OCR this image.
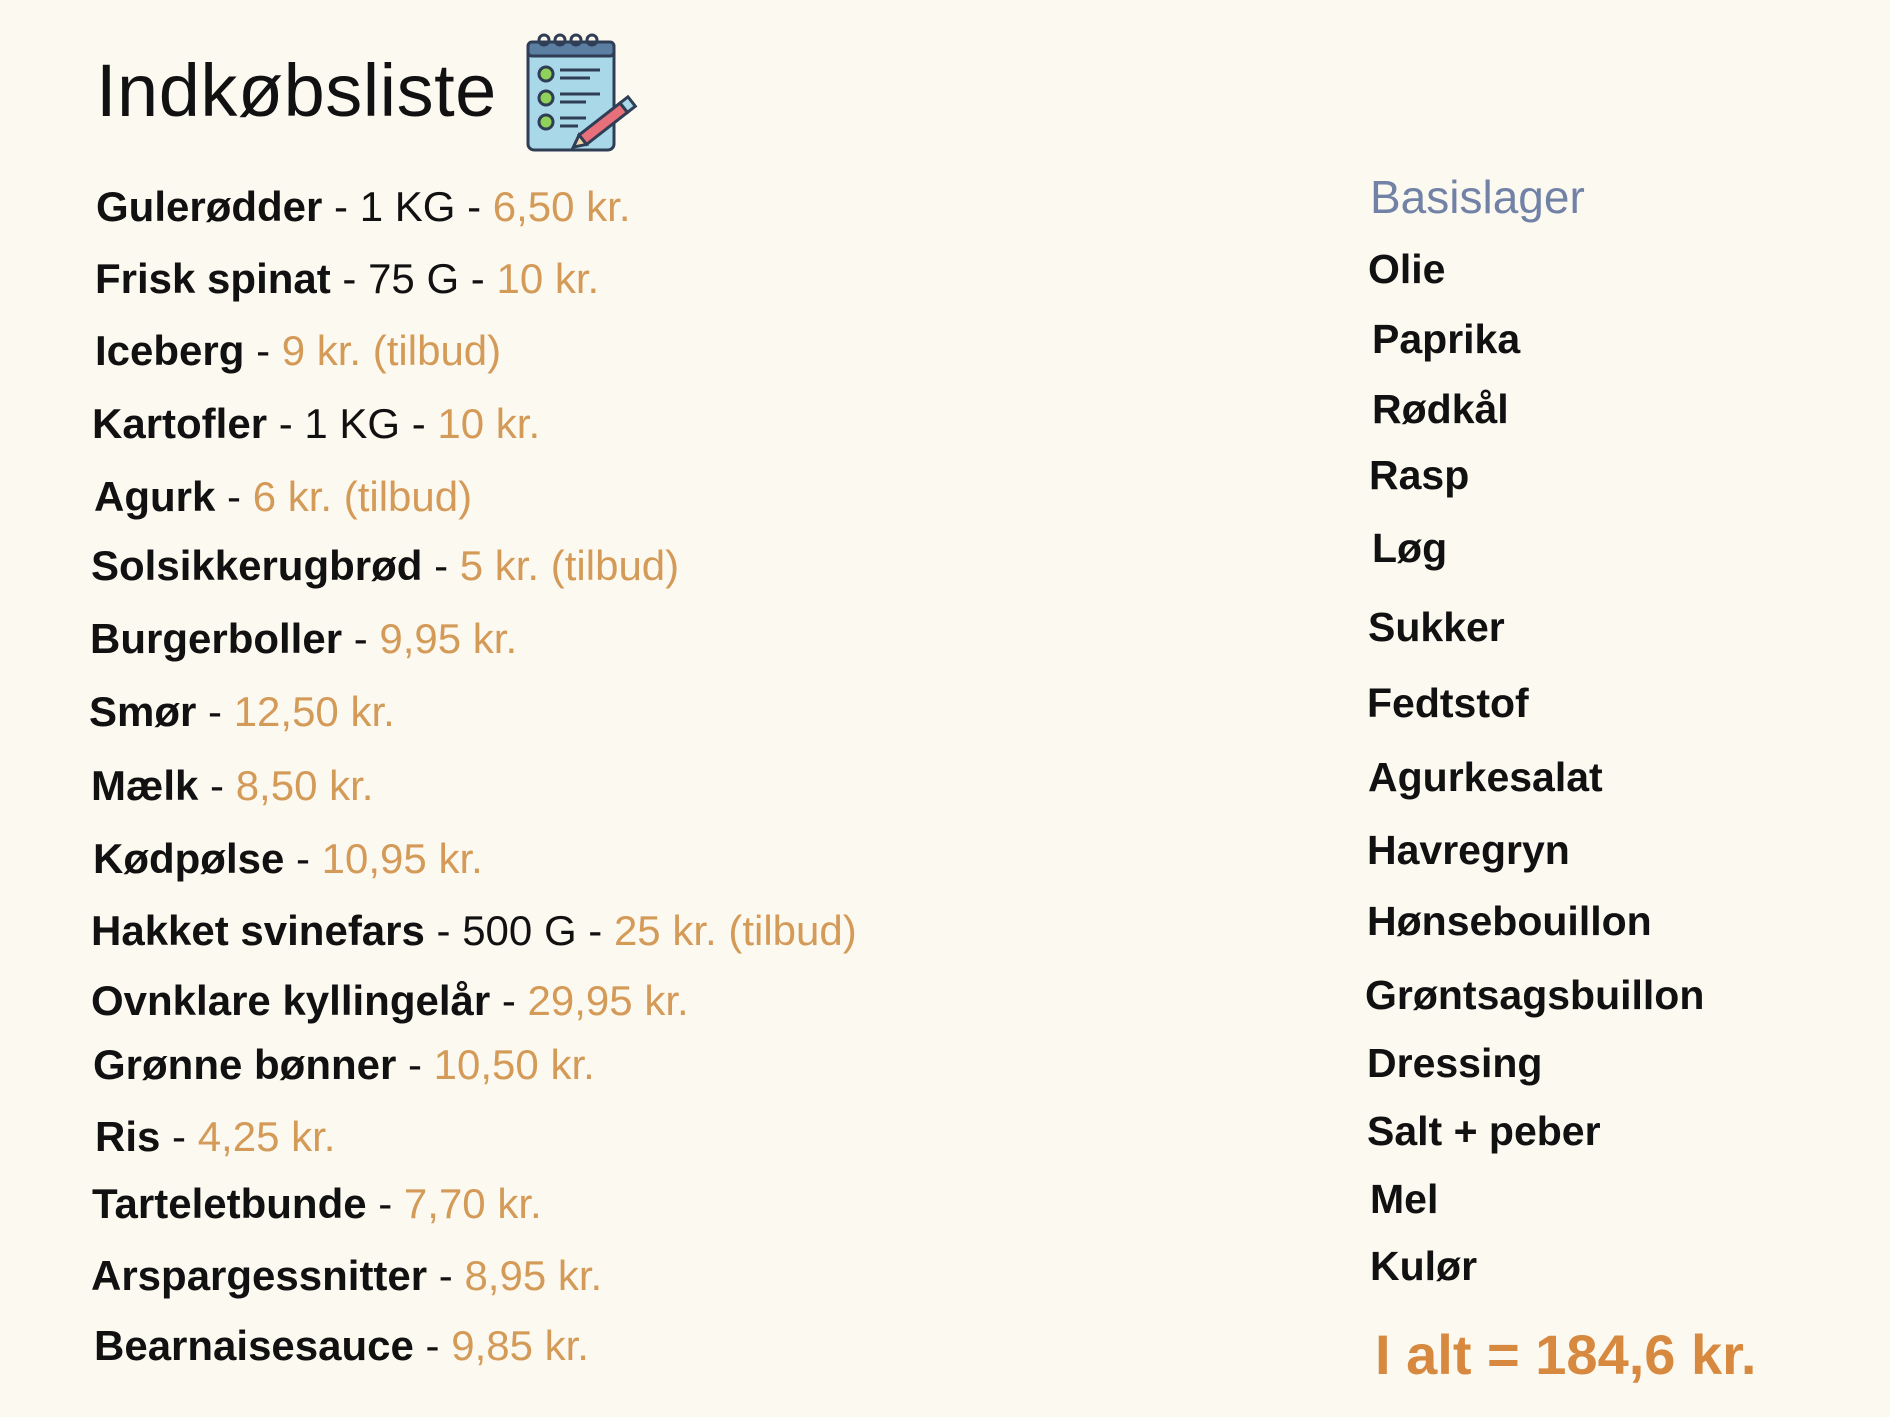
Indkøbsliste
Gulerødder - 1 KG - 6,50 kr.
Frisk spinat - 75 G - 10 kr.
Iceberg - 9 kr. (tilbud)
Kartofler - 1 KG - 10 kr.
Agurk - 6 kr. (tilbud)
Solsikkerugbrød - 5 kr. (tilbud)
Burgerboller - 9,95 kr.
Smør - 12,50 kr.
Mælk - 8,50 kr.
Kødpølse - 10,95 kr.
Hakket svinefars - 500 G - 25 kr. (tilbud)
Ovnklare kyllingelår - 29,95 kr.
Grønne bønner - 10,50 kr.
Ris - 4,25 kr.
Tarteletbunde - 7,70 kr.
Arspargessnitter - 8,95 kr.
Bearnaisesauce - 9,85 kr.
Basislager
Olie
Paprika
Rødkål
Rasp
Løg
Sukker
Fedtstof
Agurkesalat
Havregryn
Hønsebouillon
Grøntsagsbuillon
Dressing
Salt + peber
Mel
Kulør
I alt = 184,6 kr.
